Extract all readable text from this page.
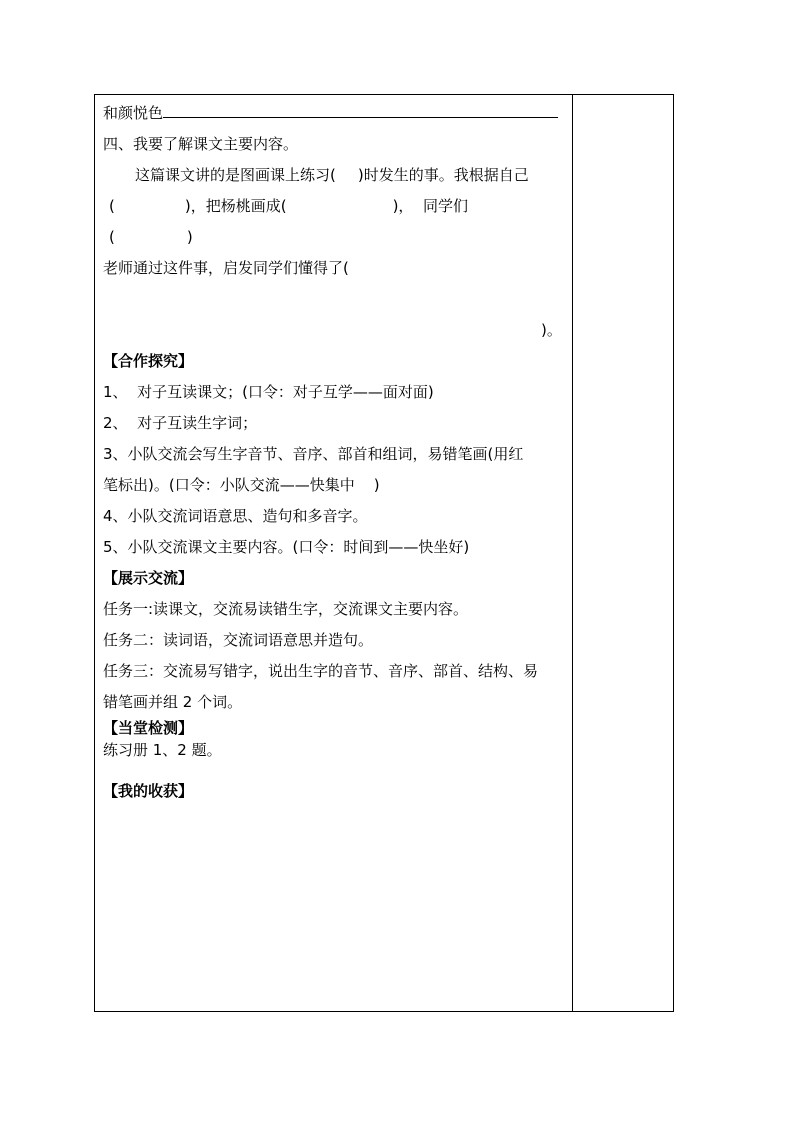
和颜悦色
四、我要了解课文主要内容。
这篇课文讲的是图画课上练习( )时发生的事。我根据自己
(	)，把杨桃画成(	)，  同学们
(	)
老师通过这件事，启发同学们懂得了(
)。
【合作探究】
1、  对子互读课文；(口令：对子互学——面对面)
2、  对子互读生字词；
3、小队交流会写生字音节、音序、部首和组词，易错笔画(用红
笔标出)。(口令：小队交流——快集中    )
4、小队交流词语意思、造句和多音字。
5、小队交流课文主要内容。(口令：时间到——快坐好)
【展示交流】
任务一:读课文，交流易读错生字，交流课文主要内容。
任务二：读词语，交流词语意思并造句。
任务三：交流易写错字，说出生字的音节、音序、部首、结构、易
错笔画并组 2 个词。
【当堂检测】
练习册 1、2 题。
【我的收获】
